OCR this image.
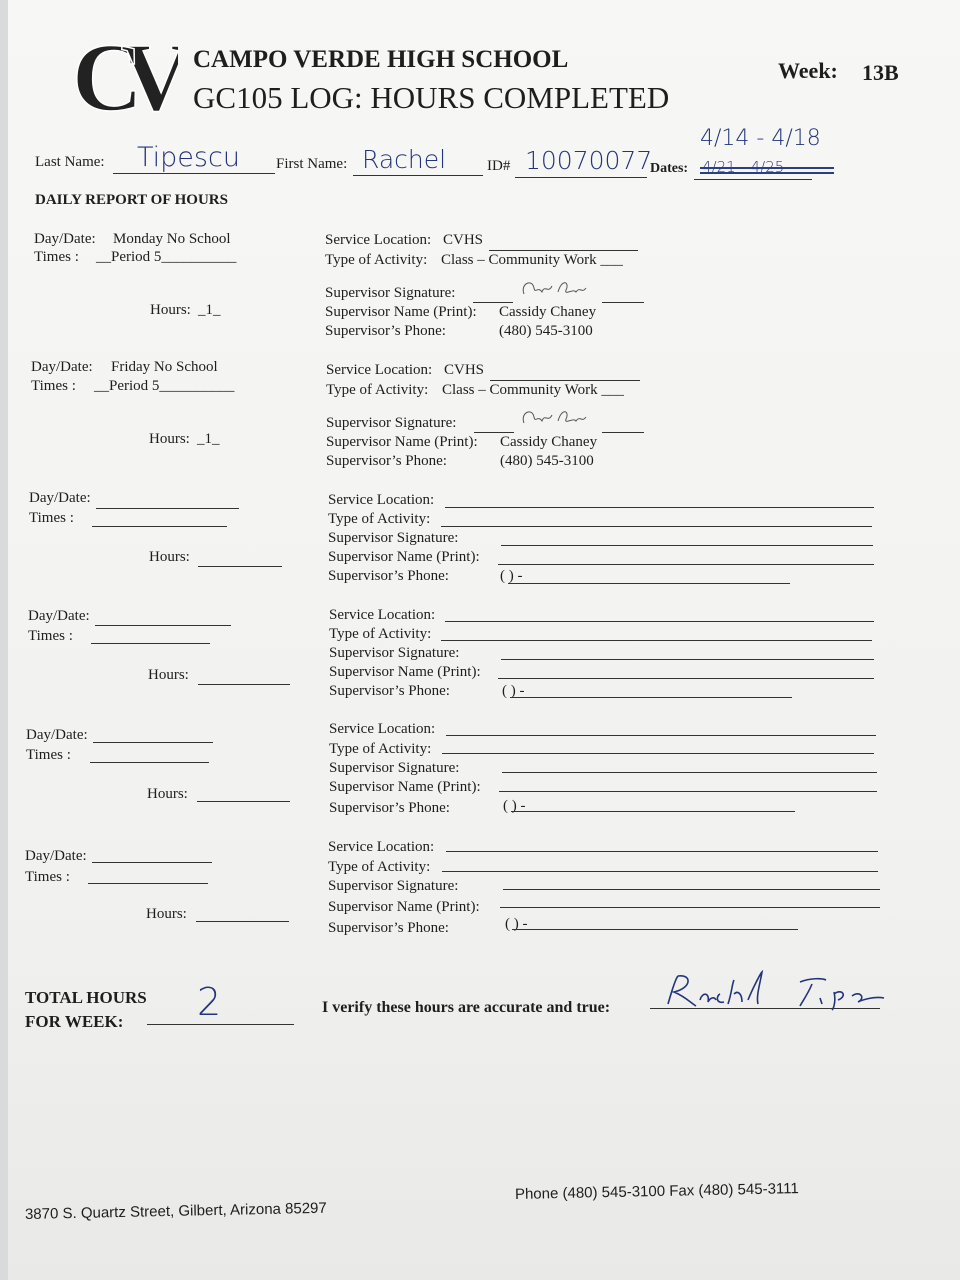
CV CAMPO VERDE HIGH SCHOOL
GC105 LOG: HOURS COMPLETED
Week: 13B
Last Name: Tipescu First Name: Rachel	ID# 10070077
Dates:
4/14 - 4/18
4/21 - 4/25
DAILY REPORT OF HOURS
Day/Date: Monday No School
Times : __Period 5__________
Hours: _1_
Service Location: CVHS
Type of Activity: Class – Community Work ___
Supervisor Signature:
Supervisor Name (Print): Cassidy Chaney
Supervisor’s Phone:	(480) 545-3100
Day/Date: Friday No School
Times : __Period 5__________
Hours: _1_
Service Location: CVHS
Type of Activity: Class – Community Work ___
Supervisor Signature:
Supervisor Name (Print): Cassidy Chaney
Supervisor’s Phone:	(480) 545-3100
Day/Date:
Times :
Hours:
Service Location:
Type of Activity:
Supervisor Signature:
Supervisor Name (Print):
Supervisor’s Phone:	( ) -
Day/Date:
Times :
Hours:
Service Location:
Type of Activity:
Supervisor Signature:
Supervisor Name (Print):
Supervisor’s Phone:	( ) -
Day/Date:
Times :
Hours:
Service Location:
Type of Activity:
Supervisor Signature:
Supervisor Name (Print):
Supervisor’s Phone:	( ) -
Day/Date:
Times :
Hours:
Service Location:
Type of Activity:
Supervisor Signature:
Supervisor Name (Print):
Supervisor’s Phone:	( ) -
TOTAL HOURS
FOR WEEK: 2	I verify these hours are accurate and true:
3870 S. Quartz Street, Gilbert, Arizona 85297
Phone (480) 545-3100 Fax (480) 545-3111
